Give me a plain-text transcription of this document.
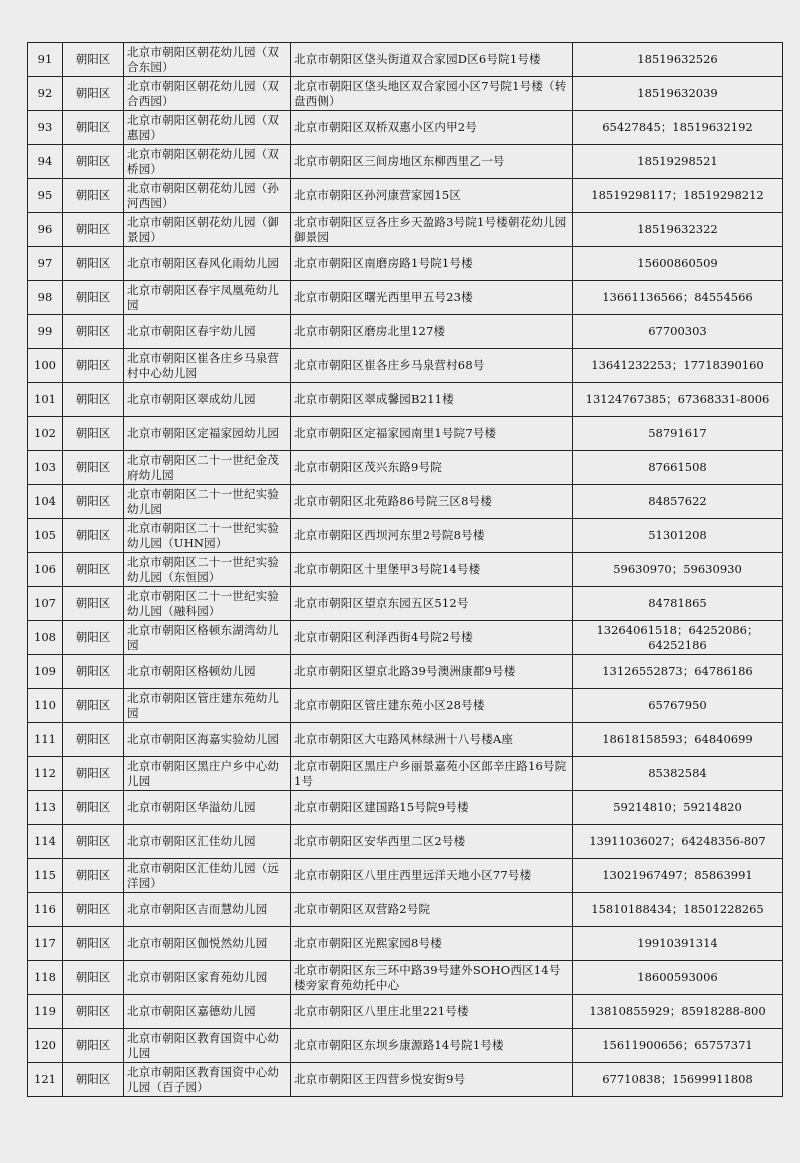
91	朝阳区	北京市朝阳区朝花幼儿园（双合东园）	北京市朝阳区垡头街道双合家园D区6号院1号楼	18519632526
92	朝阳区	北京市朝阳区朝花幼儿园（双合西园）	北京市朝阳区垡头地区双合家园小区7号院1号楼（转盘西侧）	18519632039
93	朝阳区	北京市朝阳区朝花幼儿园（双惠园）	北京市朝阳区双桥双惠小区内甲2号	65427845；18519632192
94	朝阳区	北京市朝阳区朝花幼儿园（双桥园）	北京市朝阳区三间房地区东柳西里乙一号	18519298521
95	朝阳区	北京市朝阳区朝花幼儿园（孙河西园）	北京市朝阳区孙河康营家园15区	18519298117；18519298212
96	朝阳区	北京市朝阳区朝花幼儿园（御景园）	北京市朝阳区豆各庄乡天盈路3号院1号楼朝花幼儿园御景园	18519632322
97	朝阳区	北京市朝阳区春风化雨幼儿园	北京市朝阳区南磨房路1号院1号楼	15600860509
98	朝阳区	北京市朝阳区春宇凤凰苑幼儿园	北京市朝阳区曙光西里甲五号23楼	13661136566；84554566
99	朝阳区	北京市朝阳区春宇幼儿园	北京市朝阳区磨房北里127楼	67700303
100	朝阳区	北京市朝阳区崔各庄乡马泉营村中心幼儿园	北京市朝阳区崔各庄乡马泉营村68号	13641232253；17718390160
101	朝阳区	北京市朝阳区翠成幼儿园	北京市朝阳区翠成馨园B211楼	13124767385；67368331-8006
102	朝阳区	北京市朝阳区定福家园幼儿园	北京市朝阳区定福家园南里1号院7号楼	58791617
103	朝阳区	北京市朝阳区二十一世纪金茂府幼儿园	北京市朝阳区茂兴东路9号院	87661508
104	朝阳区	北京市朝阳区二十一世纪实验幼儿园	北京市朝阳区北苑路86号院三区8号楼	84857622
105	朝阳区	北京市朝阳区二十一世纪实验幼儿园（UHN园）	北京市朝阳区西坝河东里2号院8号楼	51301208
106	朝阳区	北京市朝阳区二十一世纪实验幼儿园（东恒园）	北京市朝阳区十里堡甲3号院14号楼	59630970；59630930
107	朝阳区	北京市朝阳区二十一世纪实验幼儿园（融科园）	北京市朝阳区望京东园五区512号	84781865
108	朝阳区	北京市朝阳区格顿东湖湾幼儿园	北京市朝阳区利泽西街4号院2号楼	13264061518；64252086；64252186
109	朝阳区	北京市朝阳区格顿幼儿园	北京市朝阳区望京北路39号澳洲康都9号楼	13126552873；64786186
110	朝阳区	北京市朝阳区管庄建东苑幼儿园	北京市朝阳区管庄建东苑小区28号楼	65767950
111	朝阳区	北京市朝阳区海嘉实验幼儿园	北京市朝阳区大屯路风林绿洲十八号楼A座	18618158593；64840699
112	朝阳区	北京市朝阳区黑庄户乡中心幼儿园	北京市朝阳区黑庄户乡丽景嘉苑小区郎辛庄路16号院1号	85382584
113	朝阳区	北京市朝阳区华溢幼儿园	北京市朝阳区建国路15号院9号楼	59214810；59214820
114	朝阳区	北京市朝阳区汇佳幼儿园	北京市朝阳区安华西里二区2号楼	13911036027；64248356-807
115	朝阳区	北京市朝阳区汇佳幼儿园（远洋园）	北京市朝阳区八里庄西里远洋天地小区77号楼	13021967497；85863991
116	朝阳区	北京市朝阳区吉而慧幼儿园	北京市朝阳区双营路2号院	15810188434；18501228265
117	朝阳区	北京市朝阳区伽悦然幼儿园	北京市朝阳区光熙家园8号楼	19910391314
118	朝阳区	北京市朝阳区家育苑幼儿园	北京市朝阳区东三环中路39号建外SOHO西区14号楼旁家育苑幼托中心	18600593006
119	朝阳区	北京市朝阳区嘉德幼儿园	北京市朝阳区八里庄北里221号楼	13810855929；85918288-800
120	朝阳区	北京市朝阳区教育国资中心幼儿园	北京市朝阳区东坝乡康源路14号院1号楼	15611900656；65757371
121	朝阳区	北京市朝阳区教育国资中心幼儿园（百子园）	北京市朝阳区王四营乡悦安街9号	67710838；15699911808
